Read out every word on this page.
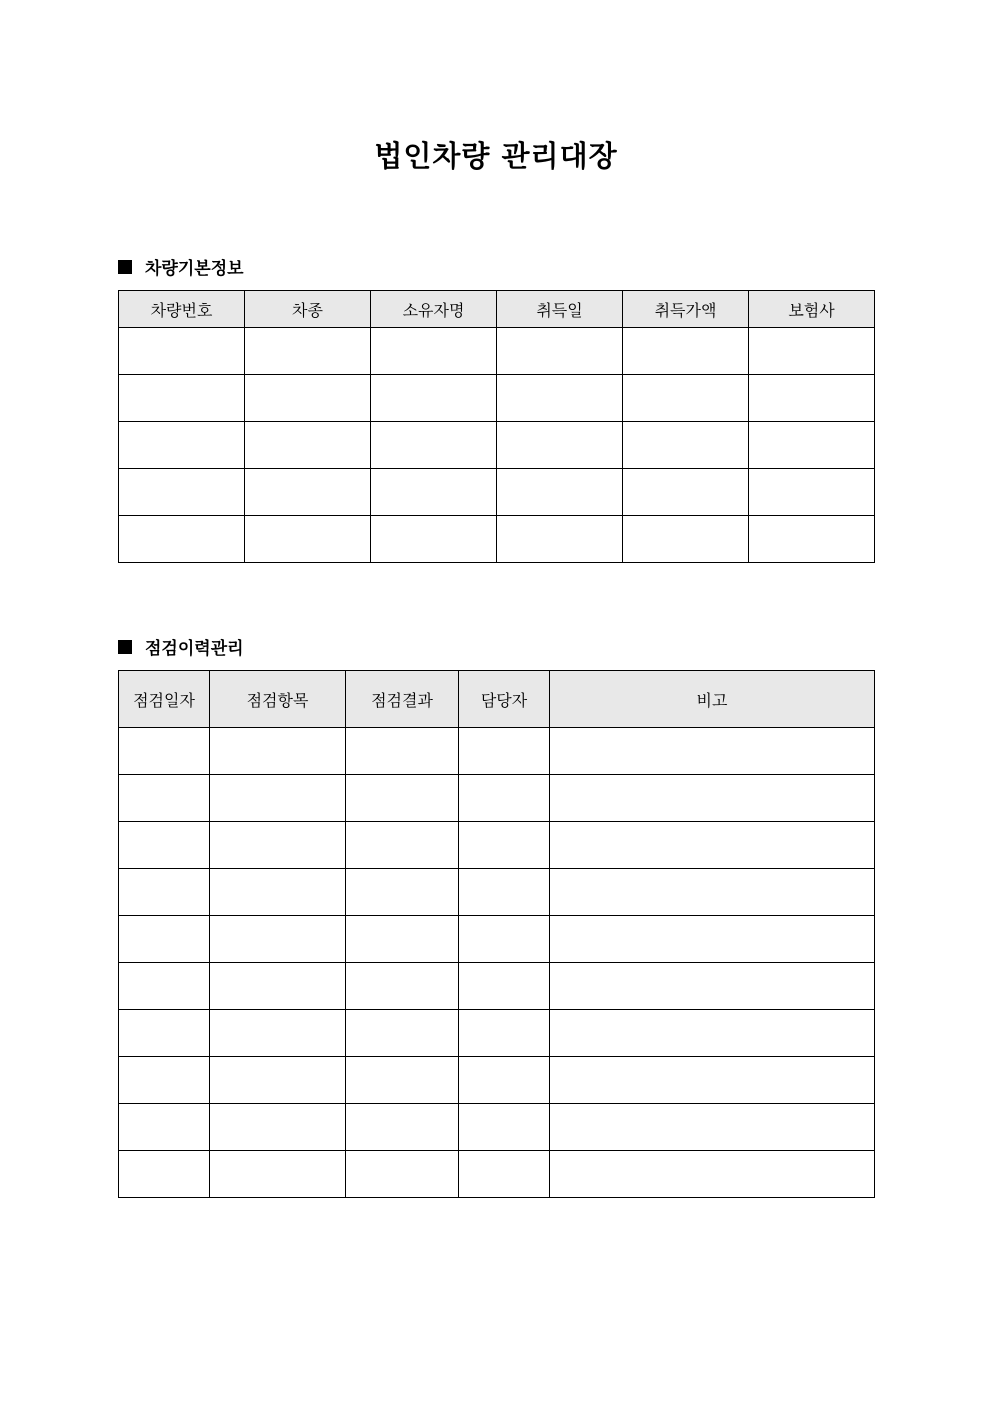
법인차량 관리대장
차량기본정보
차량번호	차종	소유자명	취득일	취득가액	보험사

점검이력관리
점검일자	점검항목	점검결과	담당자	비고
